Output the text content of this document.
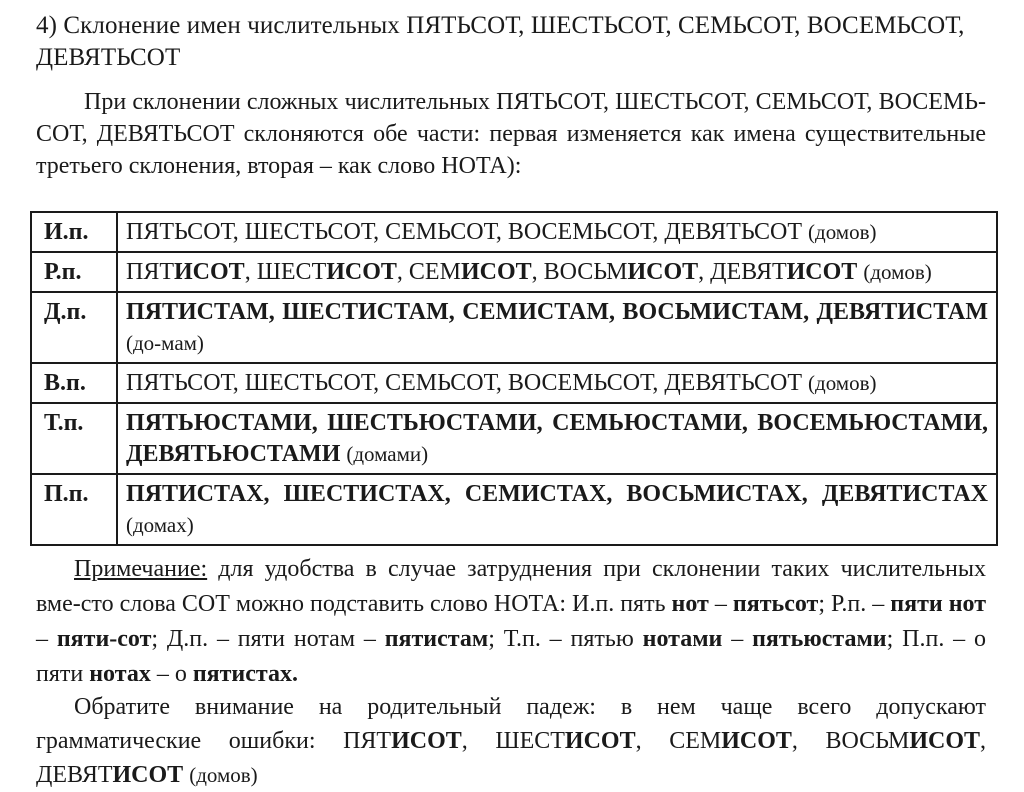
4) Склонение имен числительных ПЯТЬСОТ, ШЕСТЬСОТ, СЕМЬСОТ, ВОСЕМЬСОТ, ДЕВЯТЬСОТ
При склонении сложных числительных ПЯТЬСОТ, ШЕСТЬСОТ, СЕМЬСОТ, ВОСЕМЬ-СОТ, ДЕВЯТЬСОТ склоняются обе части: первая изменяется как имена существительные третьего склонения, вторая – как слово НОТА):
И.п.	ПЯТЬСОТ, ШЕСТЬСОТ, СЕМЬСОТ, ВОСЕМЬСОТ, ДЕВЯТЬСОТ (домов)
Р.п.	ПЯТИСОТ, ШЕСТИСОТ, СЕМИСОТ, ВОСЬМИСОТ, ДЕВЯТИСОТ (домов)
Д.п.	ПЯТИСТАМ, ШЕСТИСТАМ, СЕМИСТАМ, ВОСЬМИСТАМ, ДЕВЯТИСТАМ (до-мам)
В.п.	ПЯТЬСОТ, ШЕСТЬСОТ, СЕМЬСОТ, ВОСЕМЬСОТ, ДЕВЯТЬСОТ (домов)
Т.п.	ПЯТЬЮСТАМИ, ШЕСТЬЮСТАМИ, СЕМЬЮСТАМИ, ВОСЕМЬЮСТАМИ, ДЕВЯТЬЮСТАМИ (домами)
П.п.	ПЯТИСТАХ, ШЕСТИСТАХ, СЕМИСТАХ, ВОСЬМИСТАХ, ДЕВЯТИСТАХ (домах)
Примечание: для удобства в случае затруднения при склонении таких числительных вме-сто слова СОТ можно подставить слово НОТА: И.п. пять нот – пятьсот; Р.п. – пяти нот – пяти-сот; Д.п. – пяти нотам – пятистам; Т.п. – пятью нотами – пятьюстами; П.п. – о пяти нотах – о пятистах.
Обратите внимание на родительный падеж: в нем чаще всего допускают грамматические ошибки: ПЯТИСОТ, ШЕСТИСОТ, СЕМИСОТ, ВОСЬМИСОТ, ДЕВЯТИСОТ (домов)
